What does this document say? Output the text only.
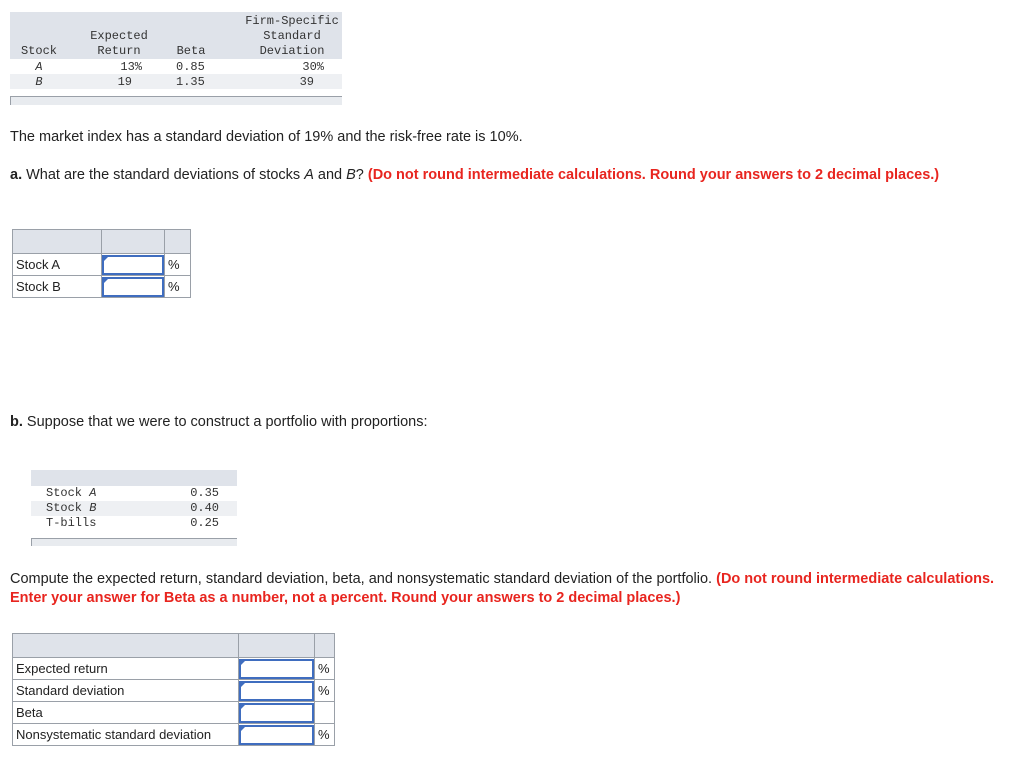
Firm-Specific
Expected	Standard
Stock	Return	Beta	Deviation
A	13%	0.85	30%
B	19	1.35	39

The market index has a standard deviation of 19% and the risk-free rate is 10%.

a. What are the standard deviations of stocks A and B? (Do not round intermediate calculations. Round your answers to 2 decimal places.)

Stock A		%
Stock B		%

b. Suppose that we were to construct a portfolio with proportions:

Stock A	0.35
Stock B	0.40
T-bills	0.25

Compute the expected return, standard deviation, beta, and nonsystematic standard deviation of the portfolio. (Do not round intermediate calculations. Enter your answer for Beta as a number, not a percent. Round your answers to 2 decimal places.)

Expected return		%
Standard deviation		%
Beta	

Nonsystematic standard deviation		%
